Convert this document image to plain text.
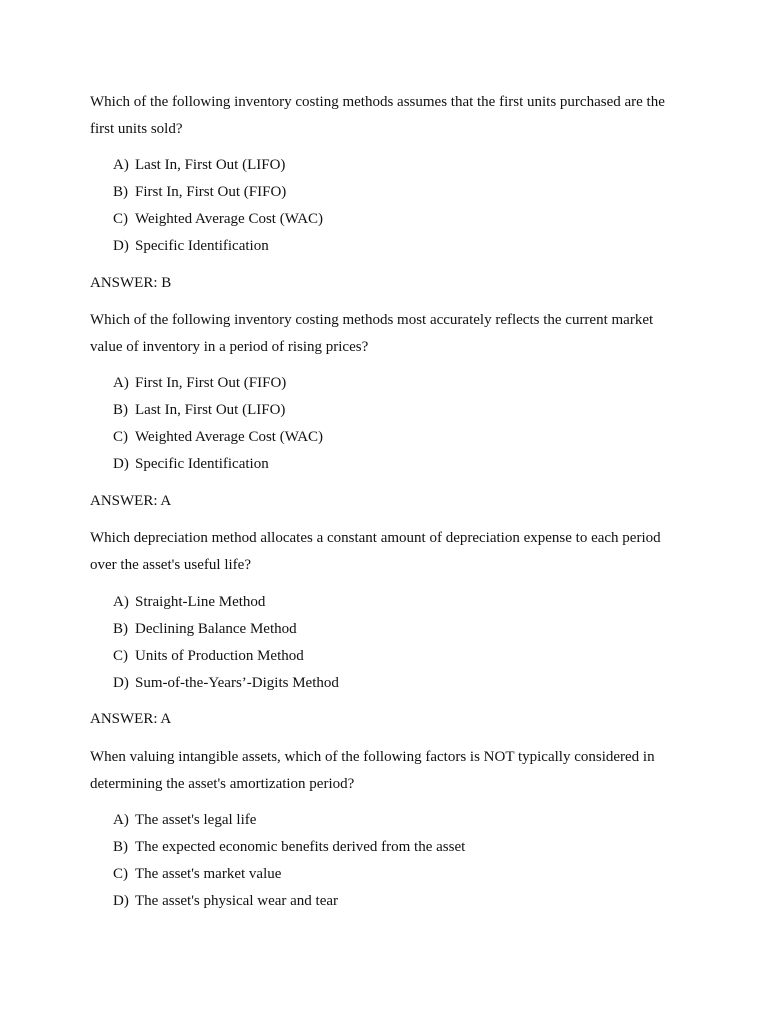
Which of the following inventory costing methods assumes that the first units purchased are the first units sold?

A) Last In, First Out (LIFO)
B) First In, First Out (FIFO)
C) Weighted Average Cost (WAC)
D) Specific Identification

ANSWER: B

Which of the following inventory costing methods most accurately reflects the current market value of inventory in a period of rising prices?

A) First In, First Out (FIFO)
B) Last In, First Out (LIFO)
C) Weighted Average Cost (WAC)
D) Specific Identification

ANSWER: A

Which depreciation method allocates a constant amount of depreciation expense to each period over the asset's useful life?

A) Straight-Line Method
B) Declining Balance Method
C) Units of Production Method
D) Sum-of-the-Years’-Digits Method

ANSWER: A

When valuing intangible assets, which of the following factors is NOT typically considered in determining the asset's amortization period?

A) The asset's legal life
B) The expected economic benefits derived from the asset
C) The asset's market value
D) The asset's physical wear and tear
